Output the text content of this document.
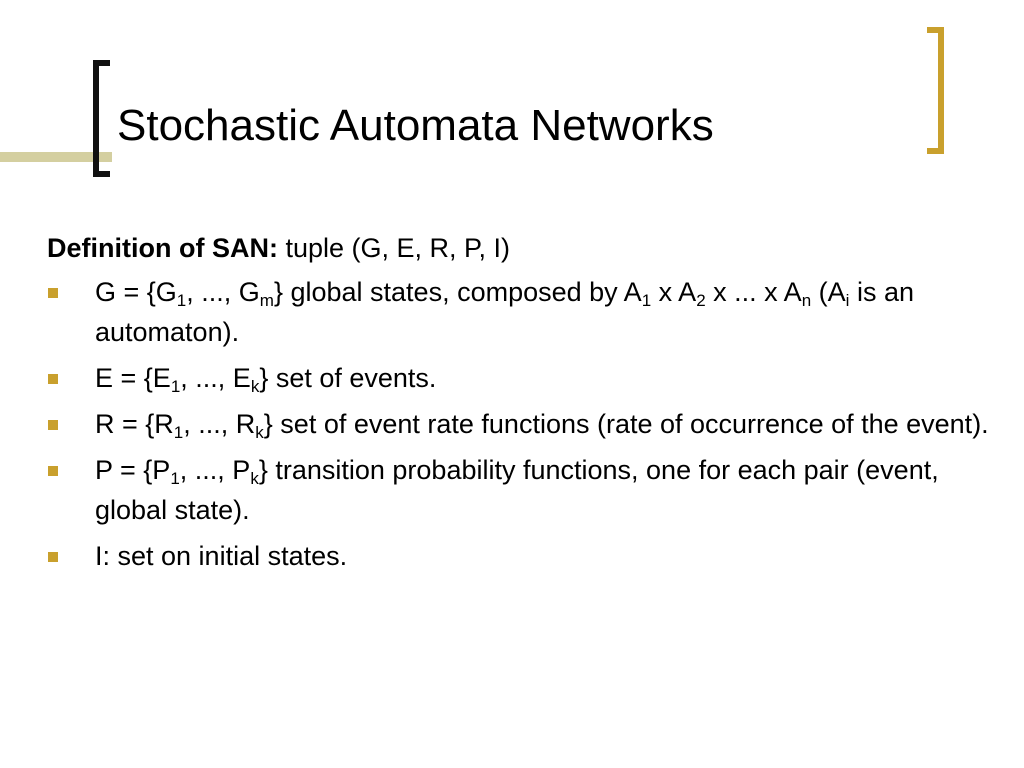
Stochastic Automata Networks

Definition of SAN: tuple (G, E, R, P, I)

$G = \{G_1$, ..., $G_m$} global states, composed by $A_1$ x $A_2$ x ... x $A_n$ ($A_i$ is an automaton).
$E = \{E_1$, ..., $E_k$} set of events.
$R = \{R_1$, ..., $R_k$} set of event rate functions (rate of occurrence of the event).
$P = \{P_1$, ..., $P_k$} transition probability functions, one for each pair (event, global state).
I: set on initial states.
